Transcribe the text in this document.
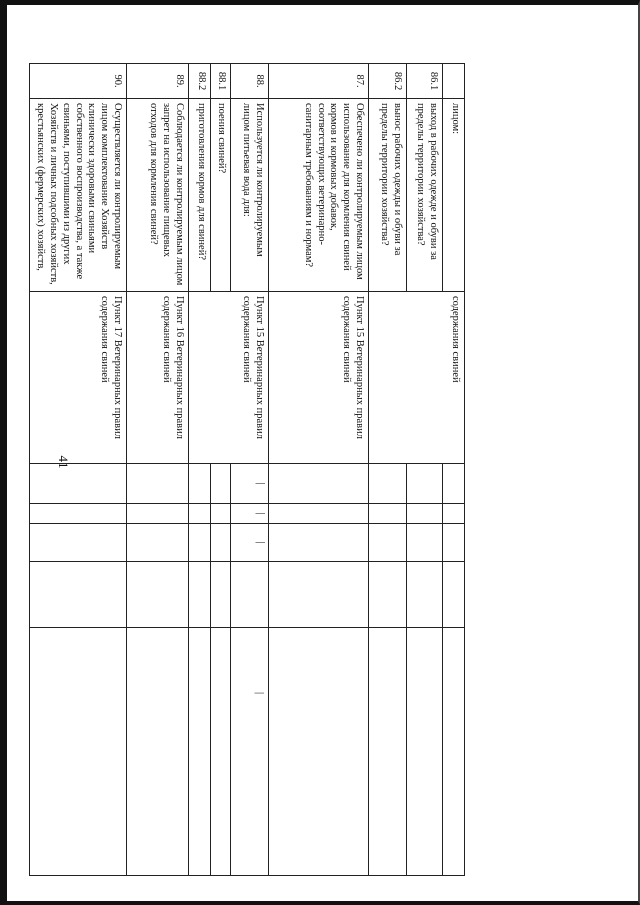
41
	лицом:	содержания свиней					
86.1	выход в рабочих одежде и обуви за пределы территории хозяйства?						
86.2	вынос рабочих одежды и обуви за пределы территории хозяйства?						
87.	Обеспечено ли контролируемым лицом использование для кормления свиней кормов и кормовых добавок, соответствующих ветеринарно-санитарным требованиям и нормам?	Пункт 15 Ветеринарных правил содержания свиней					
88.	Используется ли контролируемым лицом питьевая вода для:	Пункт 15 Ветеринарных правил содержания свиней	|	|	|		|

88.1	поения свиней?						
88.2	приготовления кормов для свиней?						
89.	Соблюдается ли контролируемым лицом запрет на использование пищевых отходов для кормления свиней?	Пункт 16 Ветеринарных правил содержания свиней					
90.	Осуществляется ли контролируемым лицом комплектование Хозяйств клинически здоровыми свиньями собственного воспроизводства, а также свиньями, поступившими из других Хозяйств и личных подсобных хозяйств, крестьянских (фермерских) хозяйств,	Пункт 17 Ветеринарных правил содержания свиней					
